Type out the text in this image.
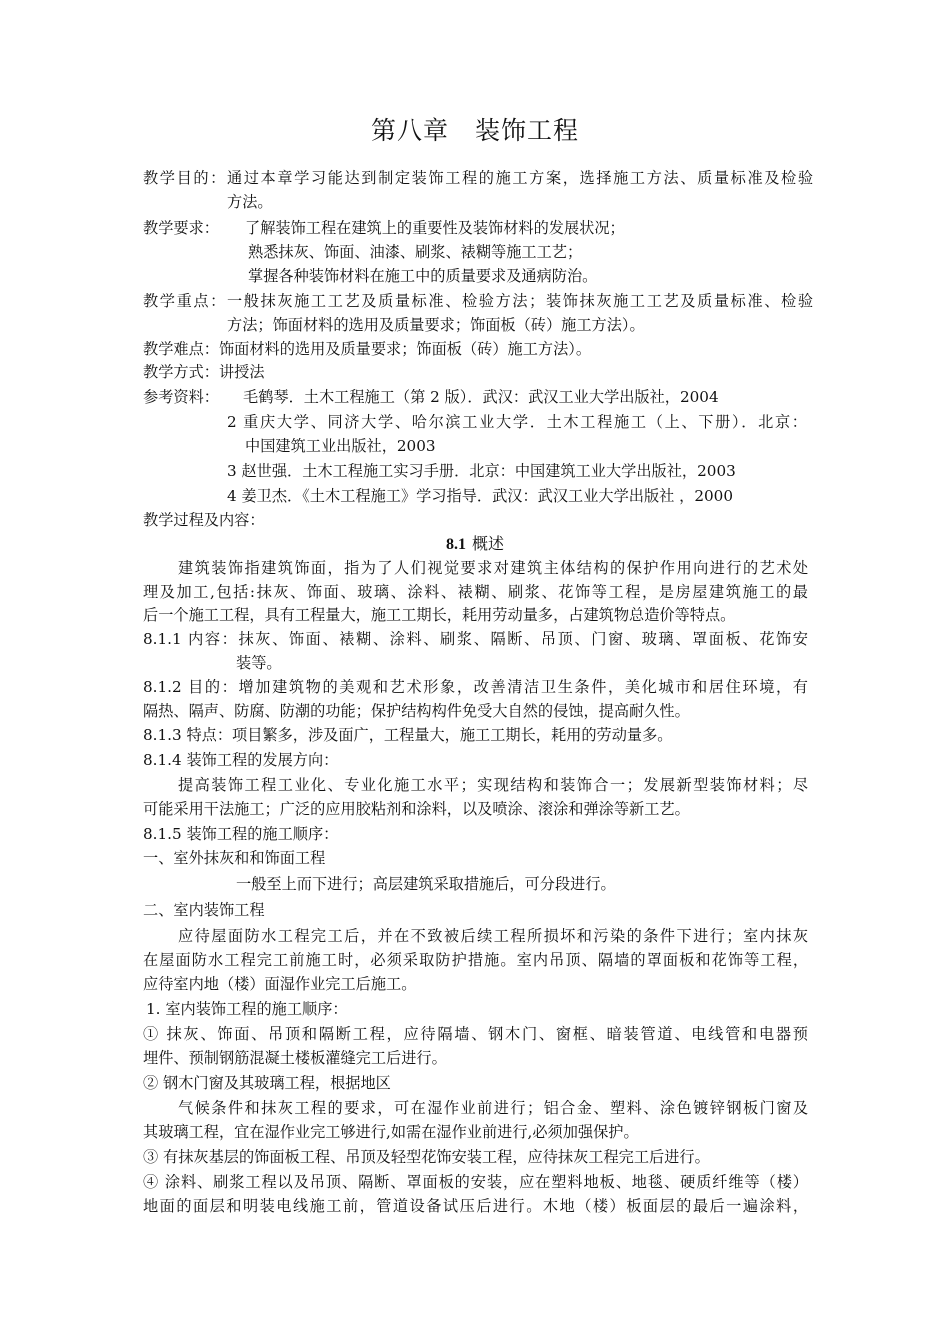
第八章　装饰工程
教学目的：通过本章学习能达到制定装饰工程的施工方案，选择施工方法、质量标准及检验
方法。
教学要求： 了解装饰工程在建筑上的重要性及装饰材料的发展状况；
熟悉抹灰、饰面、油漆、刷浆、裱糊等施工工艺；
掌握各种装饰材料在施工中的质量要求及通病防治。
教学重点：一般抹灰施工工艺及质量标准、检验方法；装饰抹灰施工工艺及质量标准、检验
方法；饰面材料的选用及质量要求；饰面板（砖）施工方法）。
教学难点：饰面材料的选用及质量要求；饰面板（砖）施工方法）。
教学方式：讲授法
参考资料： 毛鹤琴．土木工程施工（第 2 版）．武汉：武汉工业大学出版社，2004
2 重庆大学、同济大学、哈尔滨工业大学．土木工程施工（上、下册）．北京：
中国建筑工业出版社，2003
3 赵世强．土木工程施工实习手册．北京：中国建筑工业大学出版社，2003
4 姜卫杰．《土木工程施工》学习指导．武汉：武汉工业大学出版社 ，2000
教学过程及内容：
8.1 概述
建筑装饰指建筑饰面，指为了人们视觉要求对建筑主体结构的保护作用向进行的艺术处
理及加工,包括:抹灰、饰面、玻璃、涂料、裱糊、刷浆、花饰等工程，是房屋建筑施工的最
后一个施工工程，具有工程量大，施工工期长，耗用劳动量多，占建筑物总造价等特点。
8.1.1 内容：抹灰、饰面、裱糊、涂料、刷浆、隔断、吊顶、门窗、玻璃、罩面板、花饰安
装等。
8.1.2 目的：增加建筑物的美观和艺术形象，改善清洁卫生条件，美化城市和居住环境，有
隔热、隔声、防腐、防潮的功能；保护结构构件免受大自然的侵蚀，提高耐久性。
8.1.3 特点：项目繁多，涉及面广，工程量大，施工工期长，耗用的劳动量多。
8.1.4 装饰工程的发展方向：
提高装饰工程工业化、专业化施工水平；实现结构和装饰合一；发展新型装饰材料；尽
可能采用干法施工；广泛的应用胶粘剂和涂料，以及喷涂、滚涂和弹涂等新工艺。
8.1.5 装饰工程的施工顺序：
一、室外抹灰和和饰面工程
一般至上而下进行；高层建筑采取措施后，可分段进行。
二、室内装饰工程
应待屋面防水工程完工后，并在不致被后续工程所损坏和污染的条件下进行；室内抹灰
在屋面防水工程完工前施工时，必须采取防护措施。室内吊顶、隔墙的罩面板和花饰等工程，
应待室内地（楼）面湿作业完工后施工。
1. 室内装饰工程的施工顺序：
① 抹灰、饰面、吊顶和隔断工程，应待隔墙、钢木门、窗框、暗装管道、电线管和电器预
埋件、预制钢筋混凝土楼板灌缝完工后进行。
② 钢木门窗及其玻璃工程，根据地区
气候条件和抹灰工程的要求，可在湿作业前进行；铝合金、塑料、涂色镀锌钢板门窗及
其玻璃工程，宜在湿作业完工够进行,如需在湿作业前进行,必须加强保护。
③ 有抹灰基层的饰面板工程、吊顶及轻型花饰安装工程，应待抹灰工程完工后进行。
④ 涂料、刷浆工程以及吊顶、隔断、罩面板的安装，应在塑料地板、地毯、硬质纤维等（楼）
地面的面层和明装电线施工前，管道设备试压后进行。木地（楼）板面层的最后一遍涂料，
